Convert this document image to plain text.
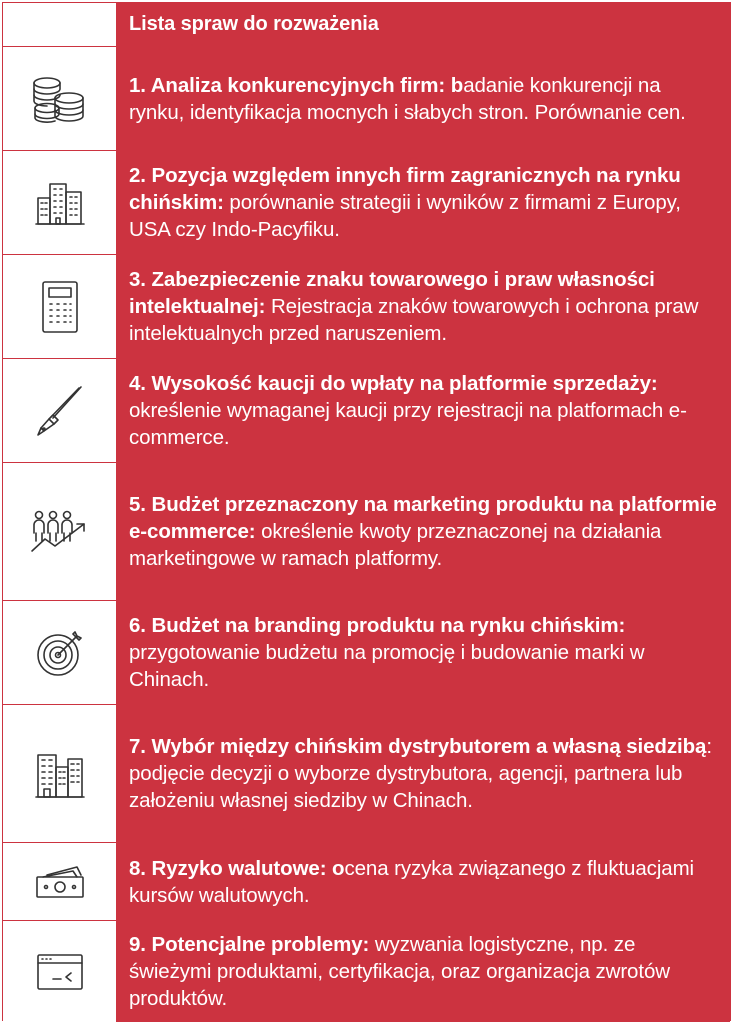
Lista spraw do rozważenia

1. Analiza konkurencyjnych firm: badanie konkurencji na rynku, identyfikacja mocnych i słabych stron. Porównanie cen.

2. Pozycja względem innych firm zagranicznych na rynku chińskim: porównanie strategii i wyników z firmami z Europy, USA czy Indo-Pacyfiku.

3. Zabezpieczenie znaku towarowego i praw własności intelektualnej: Rejestracja znaków towarowych i ochrona praw intelektualnych przed naruszeniem.

4. Wysokość kaucji do wpłaty na platformie sprzedaży: określenie wymaganej kaucji przy rejestracji na platformach e-commerce.

5. Budżet przeznaczony na marketing produktu na platformie e-commerce: określenie kwoty przeznaczonej na działania marketingowe w ramach platformy.

6. Budżet na branding produktu na rynku chińskim: przygotowanie budżetu na promocję i budowanie marki w Chinach.

7. Wybór między chińskim dystrybutorem a własną siedzibą: podjęcie decyzji o wyborze dystrybutora, agencji, partnera lub założeniu własnej siedziby w Chinach.

8. Ryzyko walutowe: ocena ryzyka związanego z fluktuacjami kursów walutowych.

9. Potencjalne problemy: wyzwania logistyczne, np. ze świeżymi produktami, certyfikacja, oraz organizacja zwrotów produktów.
